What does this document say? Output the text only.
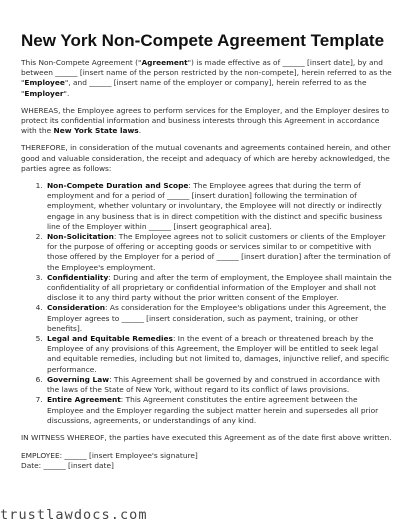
New York Non-Compete Agreement Template

This Non-Compete Agreement ("Agreement") is made effective as of ______ [insert date], by and between ______ [insert name of the person restricted by the non-compete], herein referred to as the "Employee", and ______ [insert name of the employer or company], herein referred to as the "Employer".

WHEREAS, the Employee agrees to perform services for the Employer, and the Employer desires to protect its confidential information and business interests through this Agreement in accordance with the New York State laws.

THEREFORE, in consideration of the mutual covenants and agreements contained herein, and other good and valuable consideration, the receipt and adequacy of which are hereby acknowledged, the parties agree as follows:

1. Non-Compete Duration and Scope: The Employee agrees that during the term of employment and for a period of ______ [insert duration] following the termination of employment, whether voluntary or involuntary, the Employee will not directly or indirectly engage in any business that is in direct competition with the distinct and specific business line of the Employer within ______ [insert geographical area].
2. Non-Solicitation: The Employee agrees not to solicit customers or clients of the Employer for the purpose of offering or accepting goods or services similar to or competitive with those offered by the Employer for a period of ______ [insert duration] after the termination of the Employee's employment.
3. Confidentiality: During and after the term of employment, the Employee shall maintain the confidentiality of all proprietary or confidential information of the Employer and shall not disclose it to any third party without the prior written consent of the Employer.
4. Consideration: As consideration for the Employee's obligations under this Agreement, the Employer agrees to ______ [insert consideration, such as payment, training, or other benefits].
5. Legal and Equitable Remedies: In the event of a breach or threatened breach by the Employee of any provisions of this Agreement, the Employer will be entitled to seek legal and equitable remedies, including but not limited to, damages, injunctive relief, and specific performance.
6. Governing Law: This Agreement shall be governed by and construed in accordance with the laws of the State of New York, without regard to its conflict of laws provisions.
7. Entire Agreement: This Agreement constitutes the entire agreement between the Employee and the Employer regarding the subject matter herein and supersedes all prior discussions, agreements, or understandings of any kind.

IN WITNESS WHEREOF, the parties have executed this Agreement as of the date first above written.

EMPLOYEE: ______ [insert Employee's signature]

Date: ______ [insert date]

trustlawdocs.com
